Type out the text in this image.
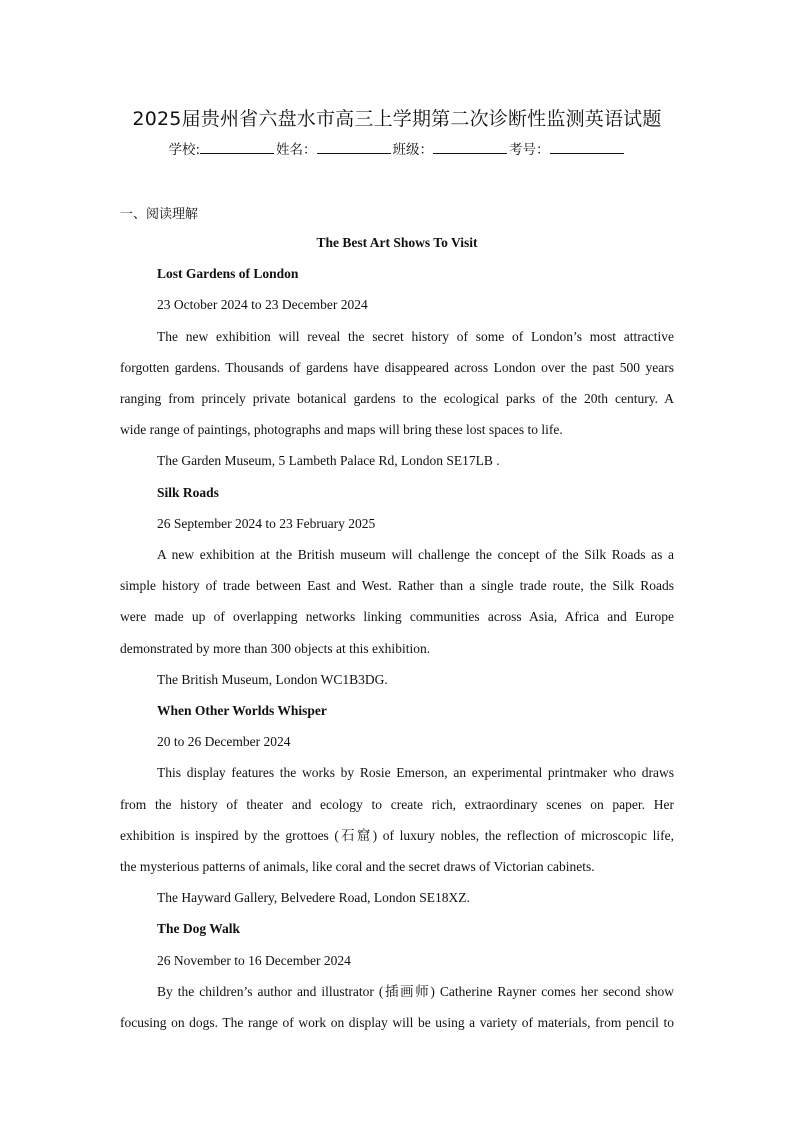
2025届贵州省六盘水市高三上学期第二次诊断性监测英语试题
学校:	姓名：	班级：	考号：
一、阅读理解

The Best Art Shows To Visit

Lost Gardens of London

23 October 2024 to 23 December 2024

The new exhibition will reveal the secret history of some of London’s most attractive

forgotten gardens. Thousands of gardens have disappeared across London over the past 500 years

ranging from princely private botanical gardens to the ecological parks of the 20th century. A

wide range of paintings, photographs and maps will bring these lost spaces to life.

The Garden Museum, 5 Lambeth Palace Rd, London SE17LB .

Silk Roads

26 September 2024 to 23 February 2025

A new exhibition at the British museum will challenge the concept of the Silk Roads as a

simple history of trade between East and West. Rather than a single trade route, the Silk Roads

were made up of overlapping networks linking communities across Asia, Africa and Europe

demonstrated by more than 300 objects at this exhibition.

The British Museum, London WC1B3DG.

When Other Worlds Whisper

20 to 26 December 2024

This display features the works by Rosie Emerson, an experimental printmaker who draws

from the history of theater and ecology to create rich, extraordinary scenes on paper. Her

exhibition is inspired by the grottoes (石窟) of luxury nobles, the reflection of microscopic life,

the mysterious patterns of animals, like coral and the secret draws of Victorian cabinets.

The Hayward Gallery, Belvedere Road, London SE18XZ.

The Dog Walk

26 November to 16 December 2024

By the children’s author and illustrator (插画师) Catherine Rayner comes her second show

focusing on dogs. The range of work on display will be using a variety of materials, from pencil to
